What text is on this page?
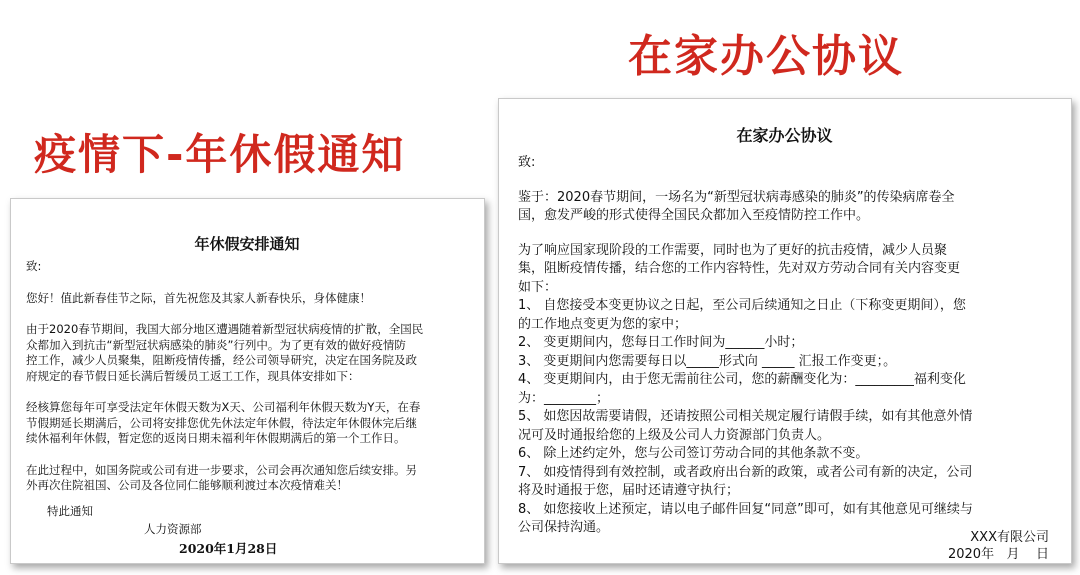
在家办公协议
疫情下-年休假通知
年休假安排通知

致:

您好！值此新春佳节之际，首先祝您及其家人新春快乐，身体健康！

由于2020春节期间，我国大部分地区遭遇随着新型冠状病疫情的扩散，全国民

众都加入到抗击“新型冠状病感染的肺炎”行列中。为了更有效的做好疫情防

控工作，减少人员聚集，阻断疫情传播，经公司领导研究，决定在国务院及政

府规定的春节假日延长满后暂缓员工返工工作，现具体安排如下：

经核算您每年可享受法定年休假天数为X天、公司福利年休假天数为Y天，在春

节假期延长期满后，公司将安排您优先休法定年休假，待法定年休假休完后继

续休福利年休假，暂定您的返岗日期未福利年休假期满后的第一个工作日。

在此过程中，如国务院或公司有进一步要求，公司会再次通知您后续安排。另

外再次住院祖国、公司及各位同仁能够顺利渡过本次疫情难关！

特此通知
人力资源部
2020年1月28日
在家办公协议

致:

鉴于：2020春节期间，一场名为“新型冠状病毒感染的肺炎”的传染病席卷全

国，愈发严峻的形式使得全国民众都加入至疫情防控工作中。

为了响应国家现阶段的工作需要，同时也为了更好的抗击疫情，减少人员聚

集，阻断疫情传播，结合您的工作内容特性，先对双方劳动合同有关内容变更

如下：

1、 自您接受本变更协议之日起，至公司后续通知之日止（下称变更期间），您

的工作地点变更为您的家中；

2、 变更期间内，您每日工作时间为______小时；

3、 变更期间内您需要每日以_____形式向 _____ 汇报工作变更；。

4、 变更期间内，由于您无需前往公司，您的薪酬变化为：_________福利变化

为：________；

5、 如您因故需要请假，还请按照公司相关规定履行请假手续，如有其他意外情

况可及时通报给您的上级及公司人力资源部门负责人。

6、 除上述约定外，您与公司签订劳动合同的其他条款不变。

7、 如疫情得到有效控制，或者政府出台新的政策，或者公司有新的决定，公司

将及时通报于您，届时还请遵守执行；

8、 如您接收上述预定，请以电子邮件回复“同意”即可，如有其他意见可继续与

公司保持沟通。

XXX有限公司
2020年   月    日
